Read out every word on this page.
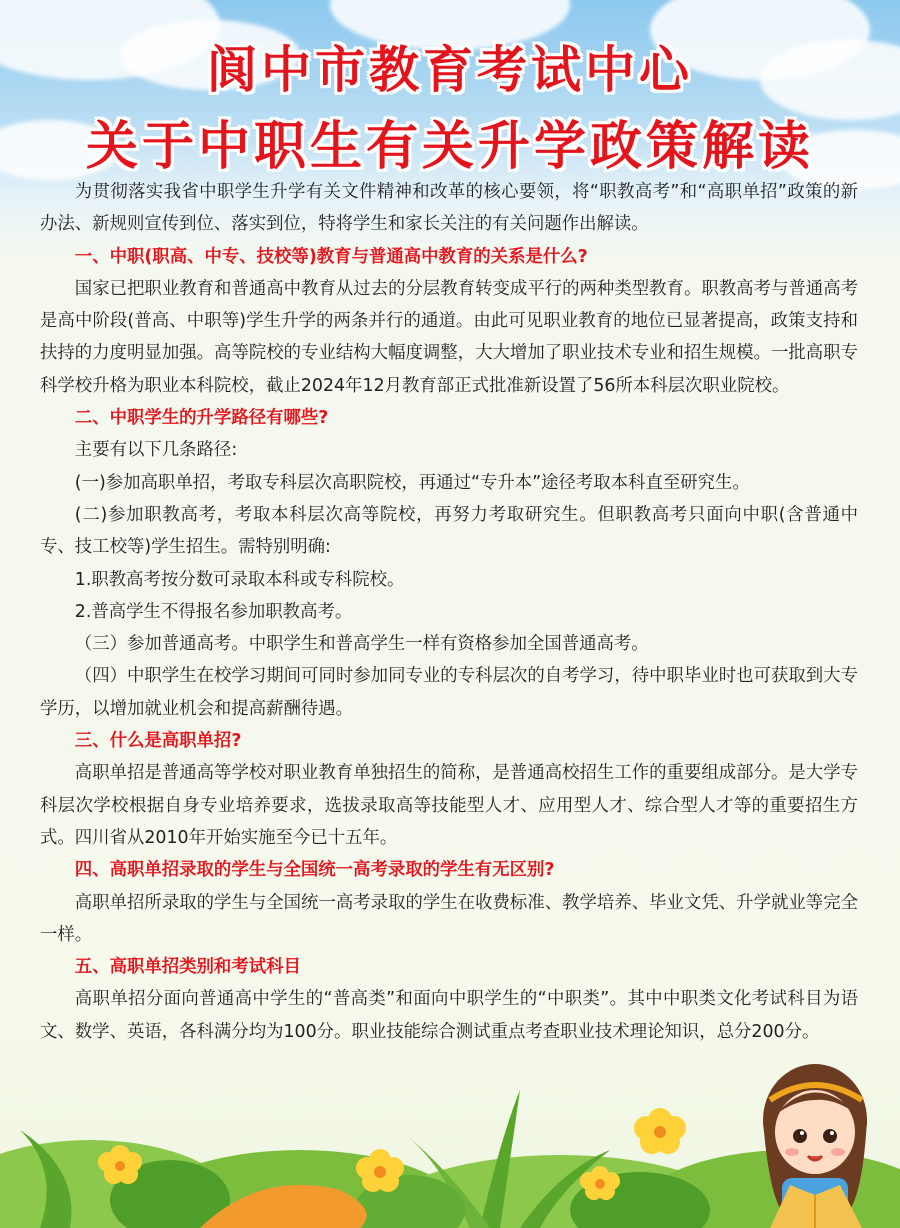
阆中市教育考试中心
关于中职生有关升学政策解读

为贯彻落实我省中职学生升学有关文件精神和改革的核心要领，将“职教高考”和“高职单招”政策的新办法、新规则宣传到位、落实到位，特将学生和家长关注的有关问题作出解读。

一、中职(职高、中专、技校等)教育与普通高中教育的关系是什么?

国家已把职业教育和普通高中教育从过去的分层教育转变成平行的两种类型教育。职教高考与普通高考是高中阶段(普高、中职等)学生升学的两条并行的通道。由此可见职业教育的地位已显著提高，政策支持和扶持的力度明显加强。高等院校的专业结构大幅度调整，大大增加了职业技术专业和招生规模。一批高职专科学校升格为职业本科院校，截止2024年12月教育部正式批准新设置了56所本科层次职业院校。

二、中职学生的升学路径有哪些?

主要有以下几条路径:

(一)参加高职单招，考取专科层次高职院校，再通过“专升本”途径考取本科直至研究生。

(二)参加职教高考，考取本科层次高等院校，再努力考取研究生。但职教高考只面向中职(含普通中专、技工校等)学生招生。需特别明确:

1.职教高考按分数可录取本科或专科院校。

2.普高学生不得报名参加职教高考。

（三）参加普通高考。中职学生和普高学生一样有资格参加全国普通高考。

（四）中职学生在校学习期间可同时参加同专业的专科层次的自考学习，待中职毕业时也可获取到大专学历，以增加就业机会和提高薪酬待遇。

三、什么是高职单招?

高职单招是普通高等学校对职业教育单独招生的简称，是普通高校招生工作的重要组成部分。是大学专科层次学校根据自身专业培养要求，选拔录取高等技能型人才、应用型人才、综合型人才等的重要招生方式。四川省从2010年开始实施至今已十五年。

四、高职单招录取的学生与全国统一高考录取的学生有无区别?

高职单招所录取的学生与全国统一高考录取的学生在收费标准、教学培养、毕业文凭、升学就业等完全一样。

五、高职单招类别和考试科目

高职单招分面向普通高中学生的“普高类”和面向中职学生的“中职类”。其中中职类文化考试科目为语文、数学、英语，各科满分均为100分。职业技能综合测试重点考查职业技术理论知识，总分200分。
